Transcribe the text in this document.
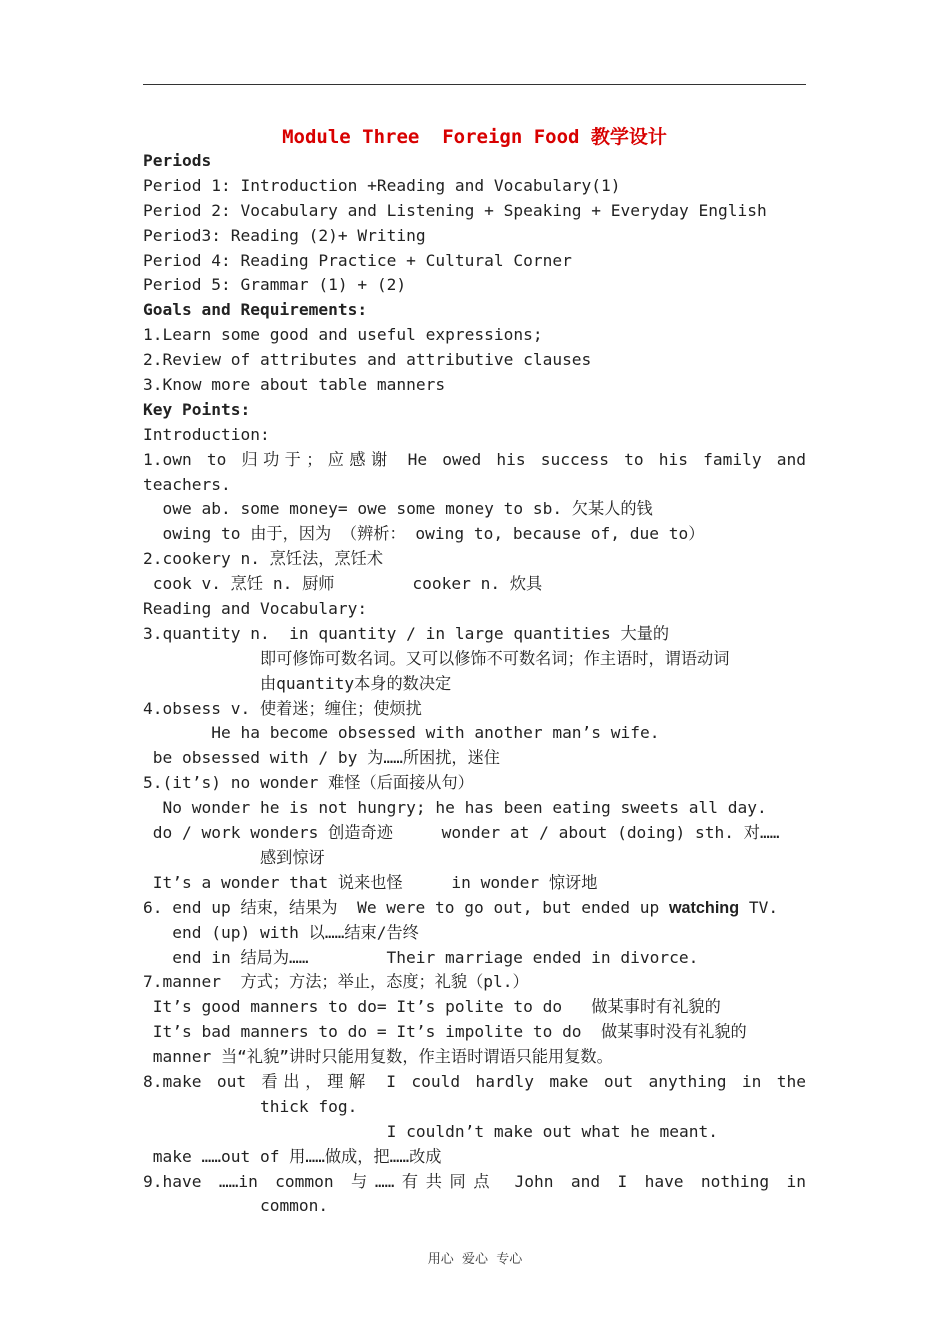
Module Three  Foreign Food 教学设计
Periods
Period 1: Introduction +Reading and Vocabulary(1)
Period 2: Vocabulary and Listening + Speaking + Everyday English
Period3: Reading (2)+ Writing
Period 4: Reading Practice + Cultural Corner
Period 5: Grammar (1) + (2)
Goals and Requirements:
1.Learn some good and useful expressions;
2.Review of attributes and attributive clauses
3.Know more about table manners
Key Points:
Introduction:
1.own to 归功于；应感谢 He owed his success to his family and
teachers.
owe ab. some money= owe some money to sb. 欠某人的钱
owing to 由于，因为 （辨析： owing to, because of, due to）
2.cookery n. 烹饪法，烹饪术
cook v. 烹饪 n. 厨师        cooker n. 炊具
Reading and Vocabulary:
3.quantity n.  in quantity / in large quantities 大量的
即可修饰可数名词。又可以修饰不可数名词；作主语时，谓语动词
由quantity本身的数决定
4.obsess v. 使着迷；缠住；使烦扰
He ha become obsessed with another man’s wife.
be obsessed with / by 为……所困扰，迷住
5.(it’s) no wonder 难怪（后面接从句）
No wonder he is not hungry; he has been eating sweets all day.
do / work wonders 创造奇迹     wonder at / about (doing) sth. 对……
感到惊讶
It’s a wonder that 说来也怪     in wonder 惊讶地
6. end up 结束，结果为  We were to go out, but ended up watching TV.
end (up) with 以……结束/告终
end in 结局为……        Their marriage ended in divorce.
7.manner  方式；方法；举止，态度；礼貌（pl.）
It’s good manners to do= It’s polite to do   做某事时有礼貌的
It’s bad manners to do = It’s impolite to do  做某事时没有礼貌的
manner 当“礼貌”讲时只能用复数，作主语时谓语只能用复数。
8.make out 看出，理解 I could hardly make out anything in the
thick fog.
I couldn’t make out what he meant.
make ……out of 用……做成，把……改成
9.have ……in common 与……有共同点 John and I have nothing in
common.
用心  爱心  专心
